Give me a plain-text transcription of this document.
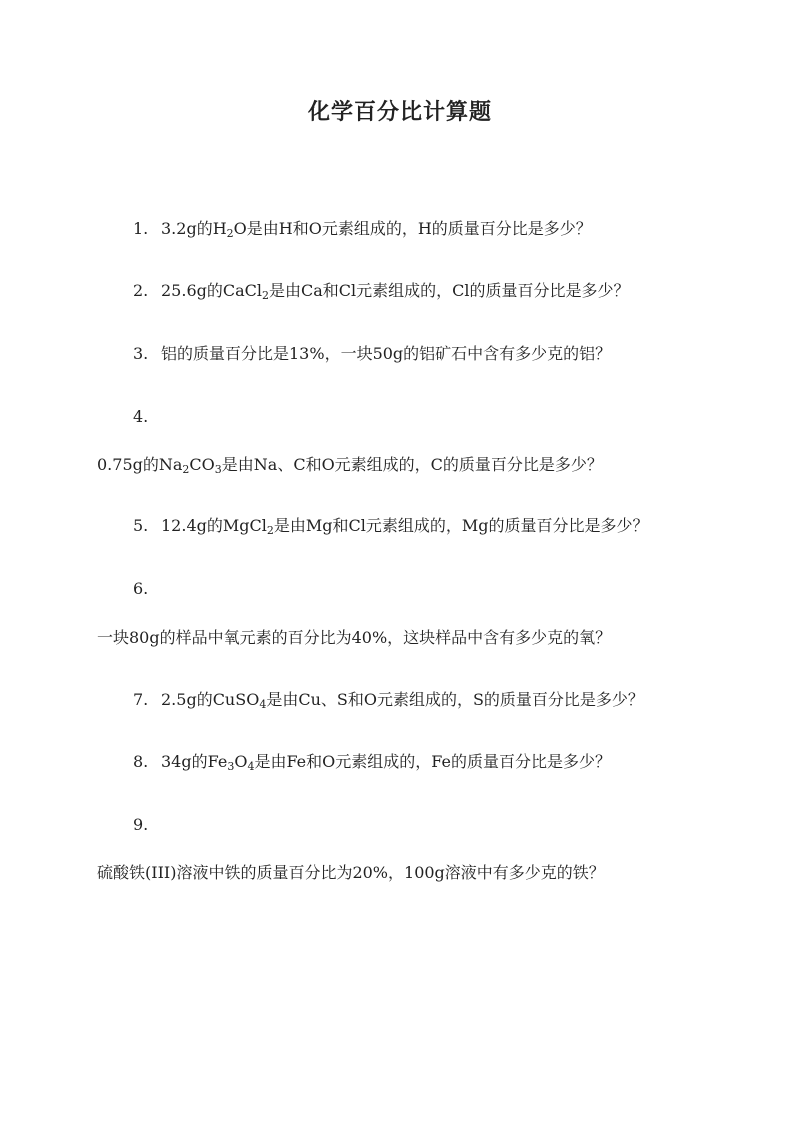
化学百分比计算题
1. 3.2g的$H_2O$是由H和O元素组成的，H的质量百分比是多少？
2. 25.6g的CaCl$_2$是由Ca和Cl元素组成的，Cl的质量百分比是多少？
3. 铝的质量百分比是13%，一块50g的铝矿石中含有多少克的铝？
4.
0.75g的$Na_2CO_3$是由Na、C和O元素组成的，C的质量百分比是多少？
5. 12.4g的MgCl$_2$是由Mg和Cl元素组成的，Mg的质量百分比是多少？
6.
一块80g的样品中氧元素的百分比为40%，这块样品中含有多少克的氧？
7. 2.5g的CuSO$_4$是由Cu、S和O元素组成的，S的质量百分比是多少？
8. 34g的$Fe_3O_4$是由Fe和O元素组成的，Fe的质量百分比是多少？
9.
硫酸铁(III)溶液中铁的质量百分比为20%，100g溶液中有多少克的铁？
